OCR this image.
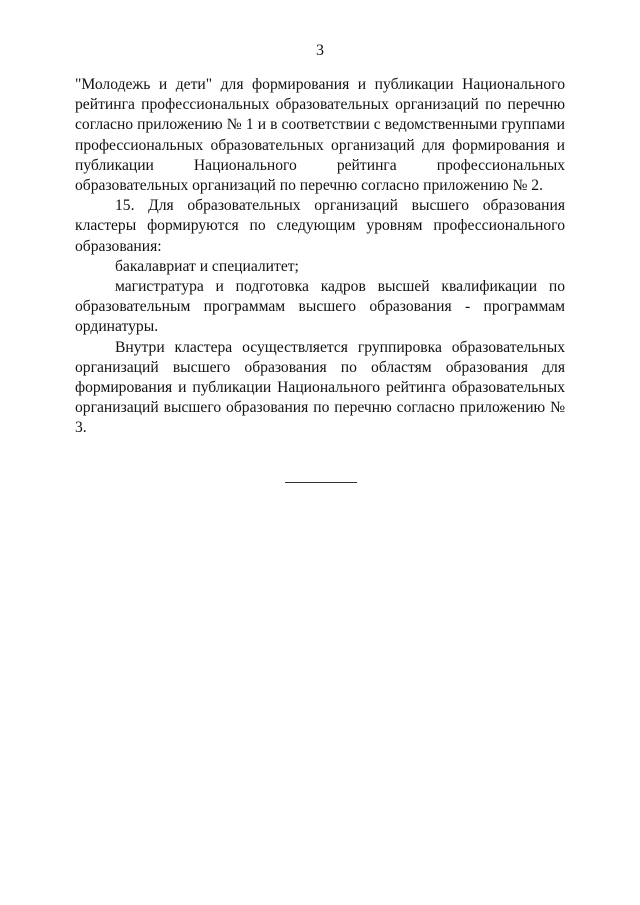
3

"Молодежь и дети" для формирования и публикации Национального рейтинга профессиональных образовательных организаций по перечню согласно приложению № 1 и в соответствии с ведомственными группами профессиональных образовательных организаций для формирования и публикации Национального рейтинга профессиональных образовательных организаций по перечню согласно приложению № 2.

15. Для образовательных организаций высшего образования кластеры формируются по следующим уровням профессионального образования:

бакалавриат и специалитет;

магистратура и подготовка кадров высшей квалификации по образовательным программам высшего образования - программам ординатуры.

Внутри кластера осуществляется группировка образовательных организаций высшего образования по областям образования для формирования и публикации Национального рейтинга образовательных организаций высшего образования по перечню согласно приложению № 3.
